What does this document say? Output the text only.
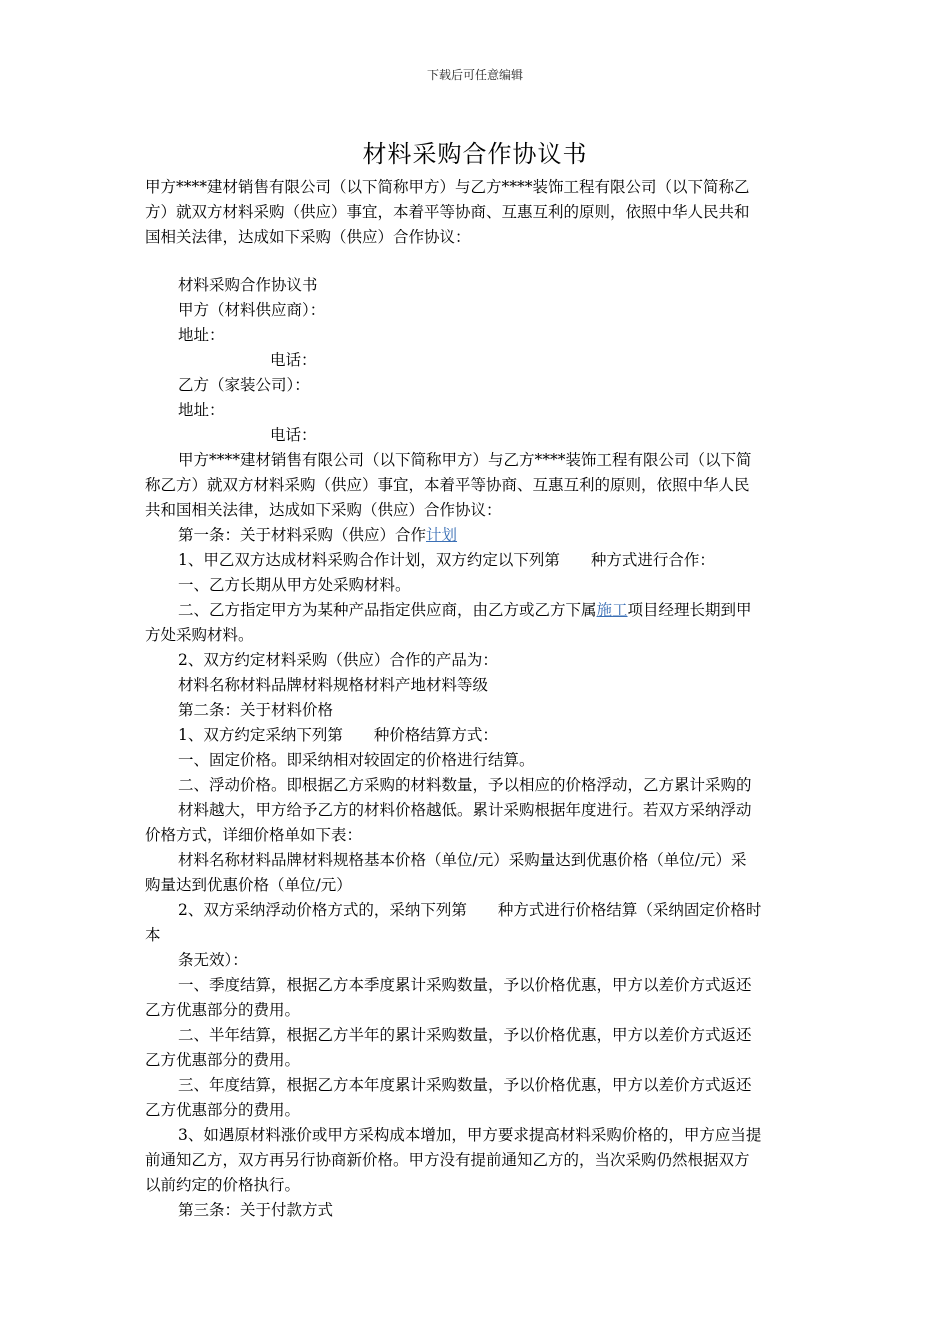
下载后可任意编辑
材料采购合作协议书
甲方****建材销售有限公司（以下简称甲方）与乙方****装饰工程有限公司（以下简称乙
方）就双方材料采购（供应）事宜，本着平等协商、互惠互利的原则，依照中华人民共和
国相关法律，达成如下采购（供应）合作协议：
材料采购合作协议书
甲方（材料供应商）：
地址：
电话：
乙方（家装公司）：
地址：
电话：
甲方****建材销售有限公司（以下简称甲方）与乙方****装饰工程有限公司（以下简
称乙方）就双方材料采购（供应）事宜，本着平等协商、互惠互利的原则，依照中华人民
共和国相关法律，达成如下采购（供应）合作协议：
第一条：关于材料采购（供应）合作计划
1、甲乙双方达成材料采购合作计划，双方约定以下列第　　种方式进行合作：
一、乙方长期从甲方处采购材料。
二、乙方指定甲方为某种产品指定供应商，由乙方或乙方下属施工项目经理长期到甲
方处采购材料。
2、双方约定材料采购（供应）合作的产品为：
材料名称材料品牌材料规格材料产地材料等级
第二条：关于材料价格
1、双方约定采纳下列第　　种价格结算方式：
一、固定价格。即采纳相对较固定的价格进行结算。
二、浮动价格。即根据乙方采购的材料数量，予以相应的价格浮动，乙方累计采购的
材料越大，甲方给予乙方的材料价格越低。累计采购根据年度进行。若双方采纳浮动
价格方式，详细价格单如下表：
材料名称材料品牌材料规格基本价格（单位/元）采购量达到优惠价格（单位/元）采
购量达到优惠价格（单位/元）
2、双方采纳浮动价格方式的，采纳下列第　　种方式进行价格结算（采纳固定价格时
本
条无效）：
一、季度结算，根据乙方本季度累计采购数量，予以价格优惠，甲方以差价方式返还
乙方优惠部分的费用。
二、半年结算，根据乙方半年的累计采购数量，予以价格优惠，甲方以差价方式返还
乙方优惠部分的费用。
三、年度结算，根据乙方本年度累计采购数量，予以价格优惠，甲方以差价方式返还
乙方优惠部分的费用。
3、如遇原材料涨价或甲方采构成本增加，甲方要求提高材料采购价格的，甲方应当提
前通知乙方，双方再另行协商新价格。甲方没有提前通知乙方的，当次采购仍然根据双方
以前约定的价格执行。
第三条：关于付款方式
